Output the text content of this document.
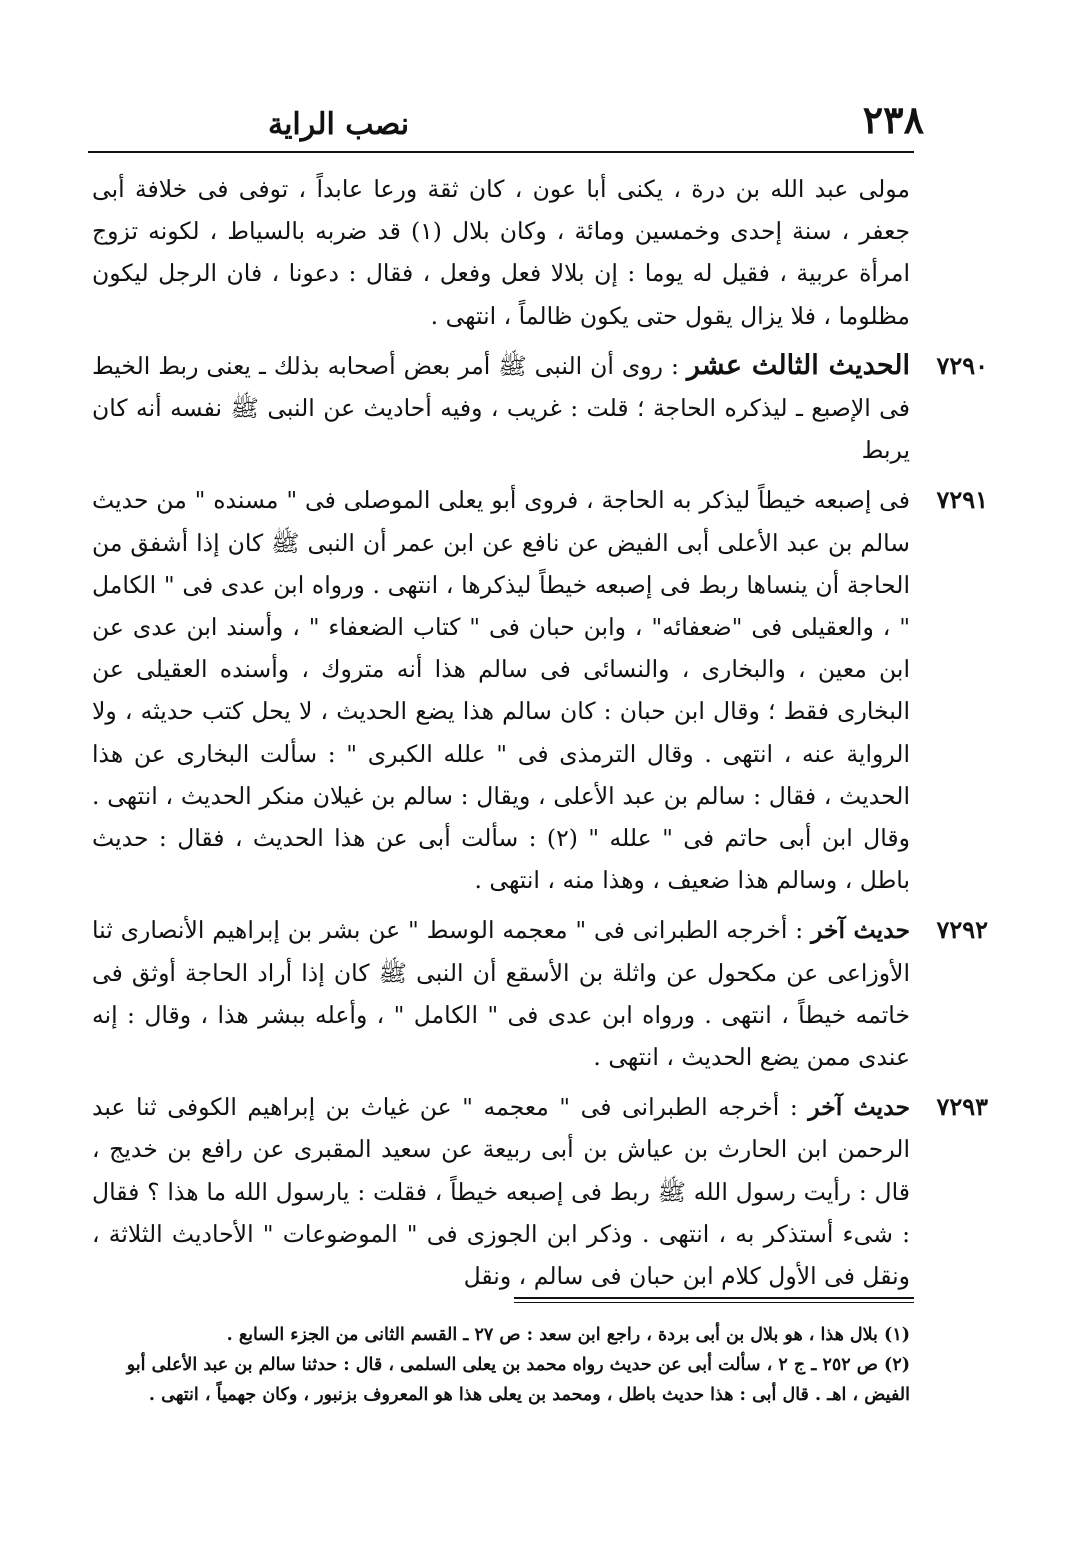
٢٣٨
نصب الراية

مولى عبد الله بن درة ، يكنى أبا عون ، كان ثقة ورعا عابداً ، توفى فى خلافة أبى جعفر ، سنة إحدى وخمسين ومائة ، وكان بلال (١) قد ضربه بالسياط ، لكونه تزوج امرأة عربية ، فقيل له يوما : إن بلالا فعل وفعل ، فقال : دعونا ، فان الرجل ليكون مظلوما ، فلا يزال يقول حتى يكون ظالماً ، انتهى .

٧٢٩٠
الحديث الثالث عشر : روى أن النبى ﷺ أمر بعض أصحابه بذلك ـ يعنى ربط الخيط فى الإصبع ـ ليذكره الحاجة ؛ قلت : غريب ، وفيه أحاديث عن النبى ﷺ نفسه أنه كان يربط
٧٢٩١
فى إصبعه خيطاً ليذكر به الحاجة ، فروى أبو يعلى الموصلى فى " مسنده " من حديث سالم بن عبد الأعلى أبى الفيض عن نافع عن ابن عمر أن النبى ﷺ كان إذا أشفق من الحاجة أن ينساها ربط فى إصبعه خيطاً ليذكرها ، انتهى . ورواه ابن عدى فى " الكامل " ، والعقيلى فى "ضعفائه" ، وابن حبان فى " كتاب الضعفاء " ، وأسند ابن عدى عن ابن معين ، والبخارى ، والنسائى فى سالم هذا أنه متروك ، وأسنده العقيلى عن البخارى فقط ؛ وقال ابن حبان : كان سالم هذا يضع الحديث ، لا يحل كتب حديثه ، ولا الرواية عنه ، انتهى . وقال الترمذى فى " علله الكبرى " : سألت البخارى عن هذا الحديث ، فقال : سالم بن عبد الأعلى ، ويقال : سالم بن غيلان منكر الحديث ، انتهى . وقال ابن أبى حاتم فى " علله " (٢) : سألت أبى عن هذا الحديث ، فقال : حديث باطل ، وسالم هذا ضعيف ، وهذا منه ، انتهى .
٧٢٩٢
حديث آخر : أخرجه الطبرانى فى " معجمه الوسط " عن بشر بن إبراهيم الأنصارى ثنا الأوزاعى عن مكحول عن واثلة بن الأسقع أن النبى ﷺ كان إذا أراد الحاجة أوثق فى خاتمه خيطاً ، انتهى . ورواه ابن عدى فى " الكامل " ، وأعله ببشر هذا ، وقال : إنه عندى ممن يضع الحديث ، انتهى .
٧٢٩٣
حديث آخر : أخرجه الطبرانى فى " معجمه " عن غياث بن إبراهيم الكوفى ثنا عبد الرحمن ابن الحارث بن عياش بن أبى ربيعة عن سعيد المقبرى عن رافع بن خديج ، قال : رأيت رسول الله ﷺ ربط فى إصبعه خيطاً ، فقلت : يارسول الله ما هذا ؟ فقال : شىء أستذكر به ، انتهى . وذكر ابن الجوزى فى " الموضوعات " الأحاديث الثلاثة ، ونقل فى الأول كلام ابن حبان فى سالم ، ونقل

(١) بلال هذا ، هو بلال بن أبى بردة ، راجع ابن سعد : ص ٢٧ ـ القسم الثانى من الجزء السابع .

(٢) ص ٢٥٢ ـ ج ٢ ، سألت أبى عن حديث رواه محمد بن يعلى السلمى ، قال : حدثنا سالم بن عبد الأعلى أبو الفيض ، اهـ . قال أبى : هذا حديث باطل ، ومحمد بن يعلى هذا هو المعروف بزنبور ، وكان جهمياً ، انتهى .
